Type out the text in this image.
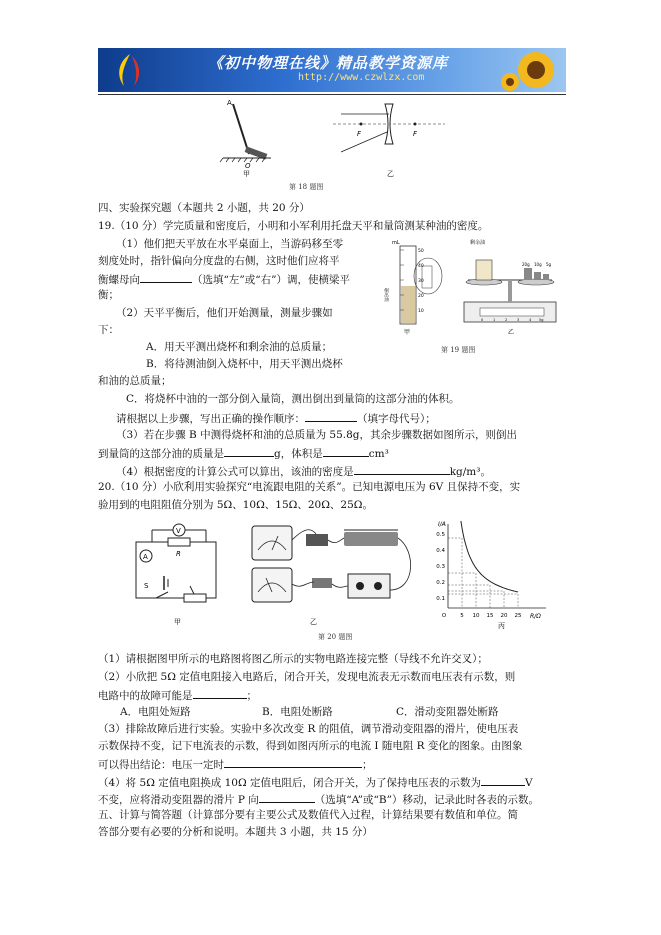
《初中物理在线》精品教学资源库
http://www.czwlzx.com
A
O
F	F
甲	乙
第 18 题图
四、实验探究题（本题共 2 小题，共 20 分）
19.（10 分）学完质量和密度后，小明和小军利用托盘天平和量筒测某种油的密度。
（1）他们把天平放在水平桌面上，当游码移至零
刻度处时，指针偏向分度盘的右侧，这时他们应将平
衡螺母向	（选填“左”或“右”）调，使横梁平
衡；
（2）天平平衡后，他们开始测量，测量步骤如
下：
A．用天平测出烧杯和剩余油的总质量；
B．将待测油倒入烧杯中，用天平测出烧杯
和油的总质量；
mL
50
40
30
20
10
倒出油
甲
剩余油
20g 10g 5g
0	1	2	3	4 5g
乙
第 19 题图
C．将烧杯中油的一部分倒入量筒，测出倒出到量筒的这部分油的体积。
请根据以上步骤，写出正确的操作顺序：	（填字母代号）；
（3）若在步骤 B 中测得烧杯和油的总质量为 55.8g，其余步骤数据如图所示，则倒出
到量筒的这部分油的质量是	g，体积是	cm³
（4）根据密度的计算公式可以算出，该油的密度是	kg/m³。
20.（10 分）小欣利用实验探究“电流跟电阻的关系”。已知电源电压为 6V 且保持不变，实
验用到的电阻阻值分别为 5Ω、10Ω、15Ω、20Ω、25Ω。
A
V
R
S
甲	乙
I/A
R/Ω
0.5
0.4
0.3
0.2
0.1
O	5 10 15 20 25
丙
第 20 题图
（1）请根据图甲所示的电路图将图乙所示的实物电路连接完整（导线不允许交叉）；
（2）小欣把 5Ω 定值电阻接入电路后，闭合开关，发现电流表无示数而电压表有示数，则
电路中的故障可能是	；
A．电阻处短路	B．电阻处断路	C．滑动变阻器处断路
（3）排除故障后进行实验。实验中多次改变 R 的阻值，调节滑动变阻器的滑片，使电压表
示数保持不变，记下电流表的示数，得到如图丙所示的电流 I 随电阻 R 变化的图象。由图象
可以得出结论：电压一定时	；
（4）将 5Ω 定值电阻换成 10Ω 定值电阻后，闭合开关，为了保持电压表的示数为	V
不变，应将滑动变阻器的滑片 P 向	（选填“A”或“B”）移动，记录此时各表的示数。
五、计算与简答题（计算部分要有主要公式及数值代入过程，计算结果要有数值和单位。简
答部分要有必要的分析和说明。本题共 3 小题，共 15 分）
